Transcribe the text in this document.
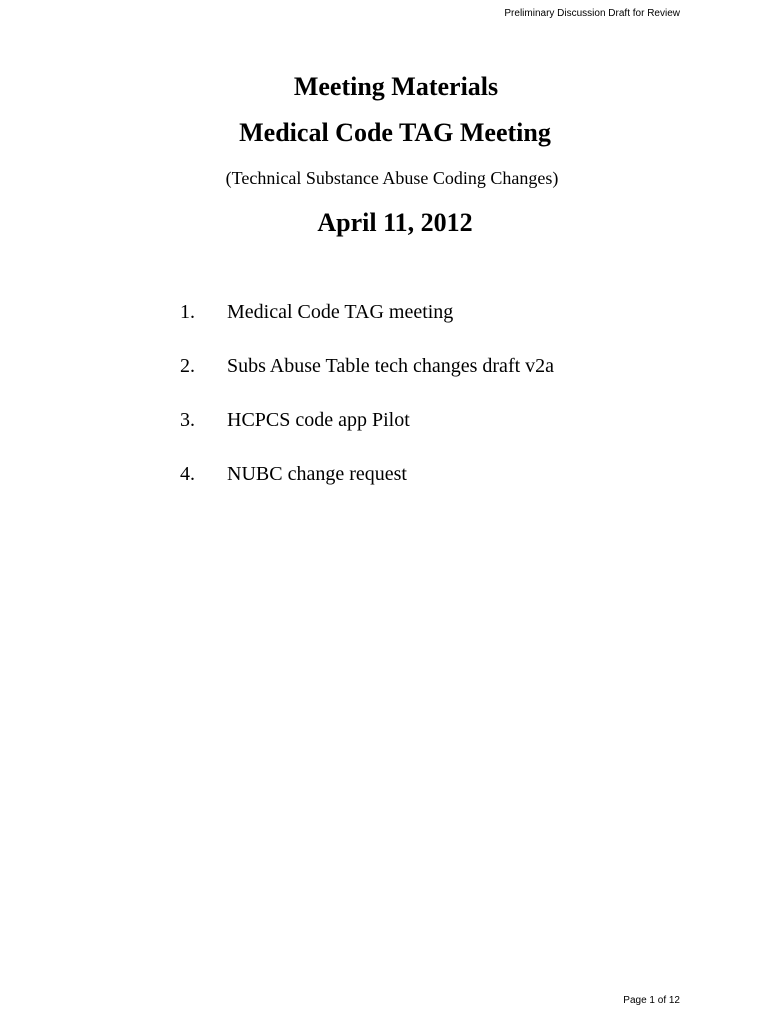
Preliminary Discussion Draft for Review
Meeting Materials
Medical Code TAG Meeting
(Technical Substance Abuse Coding Changes)
April 11, 2012
1.	Medical Code TAG meeting
2.	Subs Abuse Table tech changes draft v2a
3.	HCPCS code app Pilot
4.	NUBC change request
Page 1 of 12
